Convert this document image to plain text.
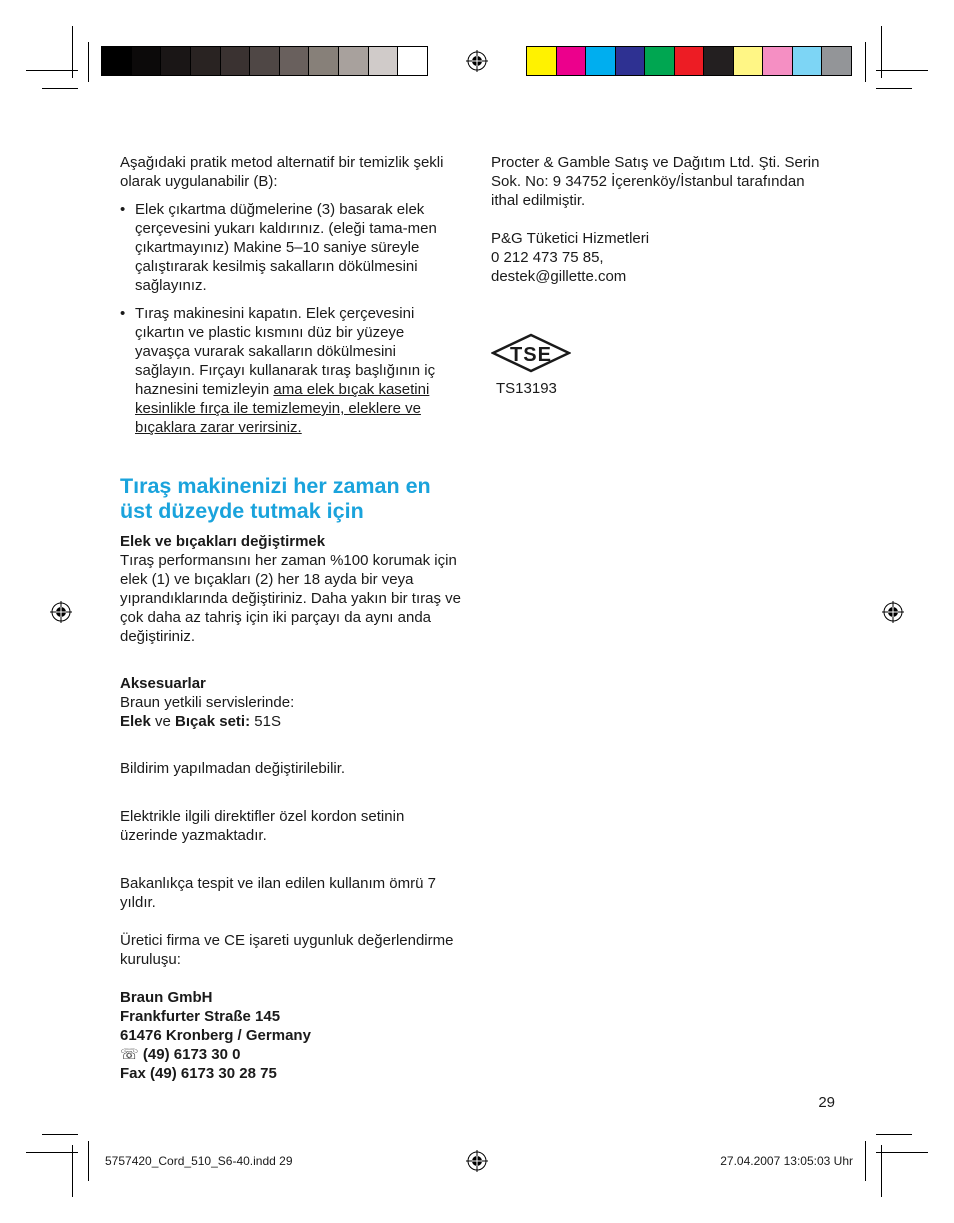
Aşağıdaki pratik metod alternatif bir temizlik şekli olarak uygulanabilir (B):

• Elek çıkartma düğmelerine (3) basarak elek çerçevesini yukarı kaldırınız. (eleği tama-men çıkartmayınız) Makine 5–10 saniye süreyle çalıştırarak kesilmiş sakalların dökülmesini sağlayınız.
• Tıraş makinesini kapatın. Elek çerçevesini çıkartın ve plastic kısmını düz bir yüzeye yavaşça vurarak sakalların dökülmesini sağlayın. Fırçayı kullanarak tıraş başlığının iç haznesini temizleyin ama elek bıçak kasetini kesinlikle fırça ile temizlemeyin, eleklere ve bıçaklara zarar verirsiniz.
Tıraş makinenizi her zaman en üst düzeyde tutmak için

Elek ve bıçakları değiştirmek

Tıraş performansını her zaman %100 korumak için elek (1) ve bıçakları (2) her 18 ayda bir veya yıprandıklarında değiştiriniz. Daha yakın bir tıraş ve çok daha az tahriş için iki parçayı da aynı anda değiştiriniz.

Aksesuarlar

Braun yetkili servislerinde:

Elek ve Bıçak seti: 51S

Bildirim yapılmadan değiştirilebilir.

Elektrikle ilgili direktifler özel kordon setinin üzerinde yazmaktadır.

Bakanlıkça tespit ve ilan edilen kullanım ömrü 7 yıldır.

Üretici firma ve CE işareti uygunluk değerlendirme kuruluşu:

Braun GmbH
Frankfurter Straße 145
61476 Kronberg / Germany
☏ (49) 6173 30 0
Fax (49) 6173 30 28 75

Procter & Gamble Satış ve Dağıtım Ltd. Şti. Serin Sok. No: 9 34752 İçerenköy/İstanbul tarafından ithal edilmiştir.

P&G Tüketici Hizmetleri
0 212 473 75 85,
destek@gillette.com
TSE
TS13193
29
5757420_Cord_510_S6-40.indd 29	27.04.2007 13:05:03 Uhr
